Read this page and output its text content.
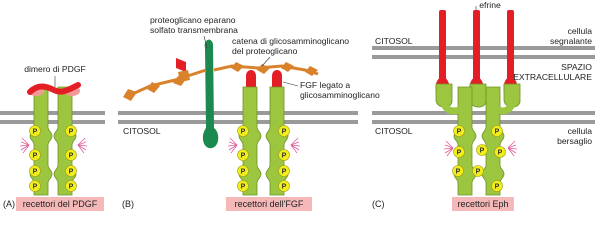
dimero di PDGF
P
P
P
P
P
P
P
P
(A) recettori del PDGF
P
P
P
P
P
P
P
P
proteoglicano eparano
solfato transmembrana
catena di glicosamminoglicano
del proteoglicano
FGF legato a
glicosamminoglicano
CITOSOL
(B)	recettori dell'FGF
efrine
P
P	P
P
P
P
P
P
CITOSOL
cellula
segnalante
SPAZIO
EXTRACELLULARE
CITOSOL	cellula
bersaglio
(C)	recettori Eph
